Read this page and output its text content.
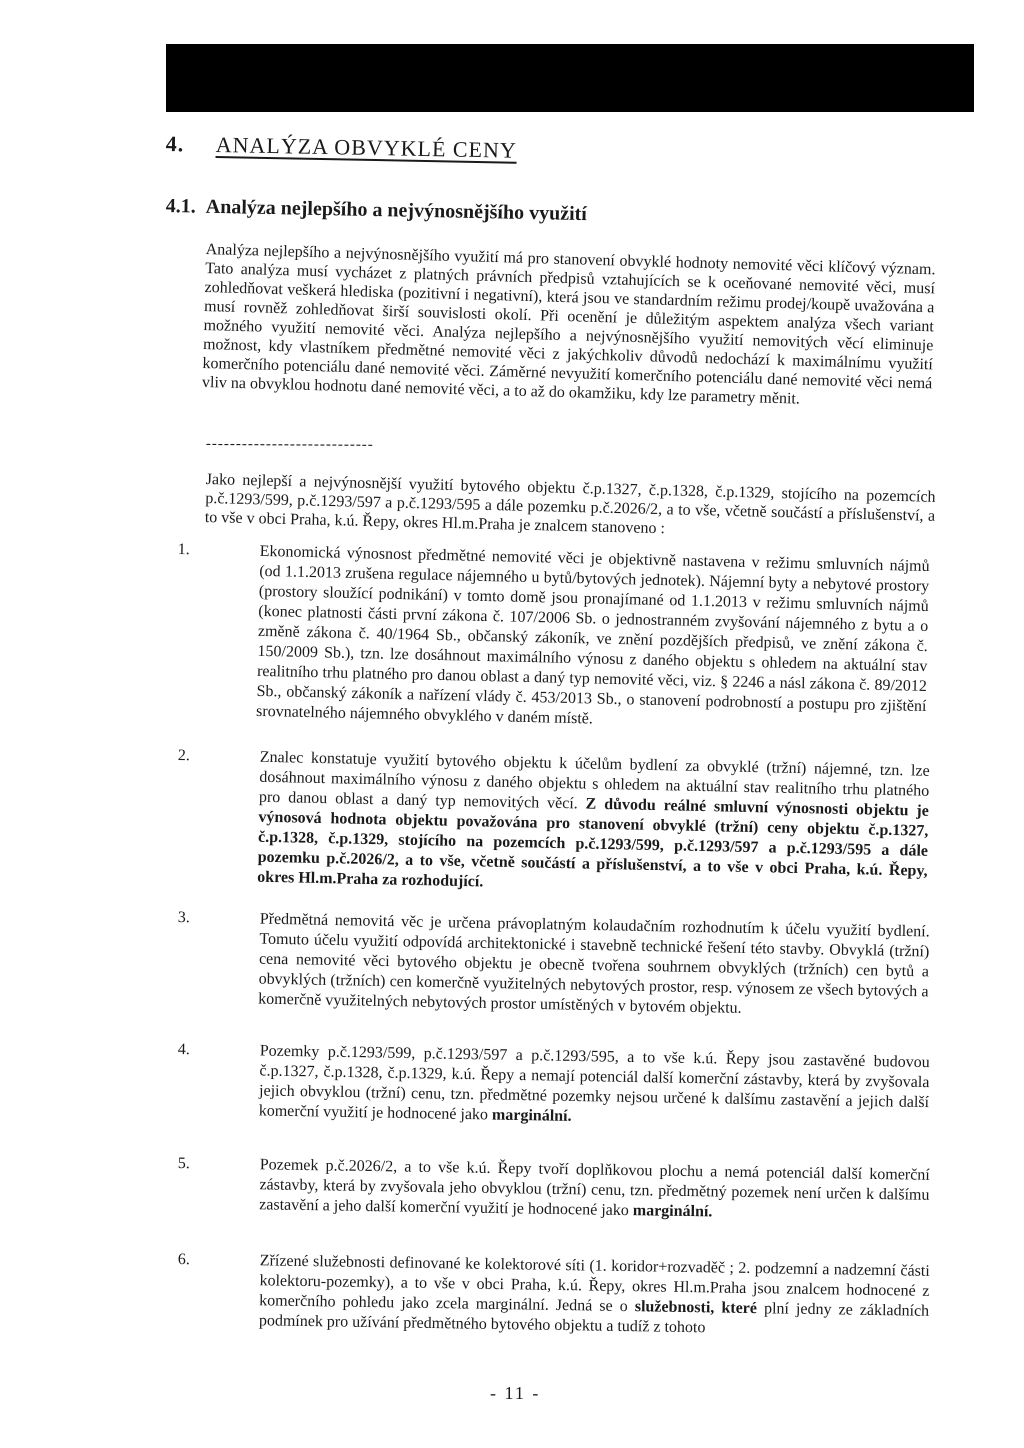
4. ANALÝZA OBVYKLÉ CENY
4.1. Analýza nejlepšího a nejvýnosnějšího využití
Analýza nejlepšího a nejvýnosnějšího využití má pro stanovení obvyklé hodnoty nemovité věci klíčový význam. Tato analýza musí vycházet z platných právních předpisů vztahujících se k oceňované nemovité věci, musí zohledňovat veškerá hlediska (pozitivní i negativní), která jsou ve standardním režimu prodej/koupě uvažována a musí rovněž zohledňovat širší souvislosti okolí. Při ocenění je důležitým aspektem analýza všech variant možného využití nemovité věci. Analýza nejlepšího a nejvýnosnějšího využití nemovitých věcí eliminuje možnost, kdy vlastníkem předmětné nemovité věci z jakýchkoliv důvodů nedochází k maximálnímu využití komerčního potenciálu dané nemovité věci. Záměrné nevyužití komerčního potenciálu dané nemovité věci nemá vliv na obvyklou hodnotu dané nemovité věci, a to až do okamžiku, kdy lze parametry měnit.
----------------------------
Jako nejlepší a nejvýnosnější využití bytového objektu č.p.1327, č.p.1328, č.p.1329, stojícího na pozemcích p.č.1293/599, p.č.1293/597 a p.č.1293/595 a dále pozemku p.č.2026/2, a to vše, včetně součástí a příslušenství, a to vše v obci Praha, k.ú. Řepy, okres Hl.m.Praha je znalcem stanoveno :
1.	Ekonomická výnosnost předmětné nemovité věci je objektivně nastavena v režimu smluvních nájmů (od 1.1.2013 zrušena regulace nájemného u bytů/bytových jednotek). Nájemní byty a nebytové prostory (prostory sloužící podnikání) v tomto domě jsou pronajímané od 1.1.2013 v režimu smluvních nájmů (konec platnosti části první zákona č. 107/2006 Sb. o jednostranném zvyšování nájemného z bytu a o změně zákona č. 40/1964 Sb., občanský zákoník, ve znění pozdějších předpisů, ve znění zákona č. 150/2009 Sb.), tzn. lze dosáhnout maximálního výnosu z daného objektu s ohledem na aktuální stav realitního trhu platného pro danou oblast a daný typ nemovité věci, viz. § 2246 a násl zákona č. 89/2012 Sb., občanský zákoník a nařízení vlády č. 453/2013 Sb., o stanovení podrobností a postupu pro zjištění srovnatelného nájemného obvyklého v daném místě.
2.	Znalec konstatuje využití bytového objektu k účelům bydlení za obvyklé (tržní) nájemné, tzn. lze dosáhnout maximálního výnosu z daného objektu s ohledem na aktuální stav realitního trhu platného pro danou oblast a daný typ nemovitých věcí. Z důvodu reálné smluvní výnosnosti objektu je výnosová hodnota objektu považována pro stanovení obvyklé (tržní) ceny objektu č.p.1327, č.p.1328, č.p.1329, stojícího na pozemcích p.č.1293/599, p.č.1293/597 a p.č.1293/595 a dále pozemku p.č.2026/2, a to vše, včetně součástí a příslušenství, a to vše v obci Praha, k.ú. Řepy, okres Hl.m.Praha za rozhodující.
3.	Předmětná nemovitá věc je určena právoplatným kolaudačním rozhodnutím k účelu využití bydlení. Tomuto účelu využití odpovídá architektonické i stavebně technické řešení této stavby. Obvyklá (tržní) cena nemovité věci bytového objektu je obecně tvořena souhrnem obvyklých (tržních) cen bytů a obvyklých (tržních) cen komerčně využitelných nebytových prostor, resp. výnosem ze všech bytových a komerčně využitelných nebytových prostor umístěných v bytovém objektu.
4.	Pozemky p.č.1293/599, p.č.1293/597 a p.č.1293/595, a to vše k.ú. Řepy jsou zastavěné budovou č.p.1327, č.p.1328, č.p.1329, k.ú. Řepy a nemají potenciál další komerční zástavby, která by zvyšovala jejich obvyklou (tržní) cenu, tzn. předmětné pozemky nejsou určené k dalšímu zastavění a jejich další komerční využití je hodnocené jako marginální.
5.	Pozemek p.č.2026/2, a to vše k.ú. Řepy tvoří doplňkovou plochu a nemá potenciál další komerční zástavby, která by zvyšovala jeho obvyklou (tržní) cenu, tzn. předmětný pozemek není určen k dalšímu zastavění a jeho další komerční využití je hodnocené jako marginální.
6.	Zřízené služebnosti definované ke kolektorové síti (1. koridor+rozvaděč ; 2. podzemní a nadzemní části kolektoru-pozemky), a to vše v obci Praha, k.ú. Řepy, okres Hl.m.Praha jsou znalcem hodnocené z komerčního pohledu jako zcela marginální. Jedná se o služebnosti, které plní jedny ze základních podmínek pro užívání předmětného bytového objektu a tudíž z tohoto
- 11 -
